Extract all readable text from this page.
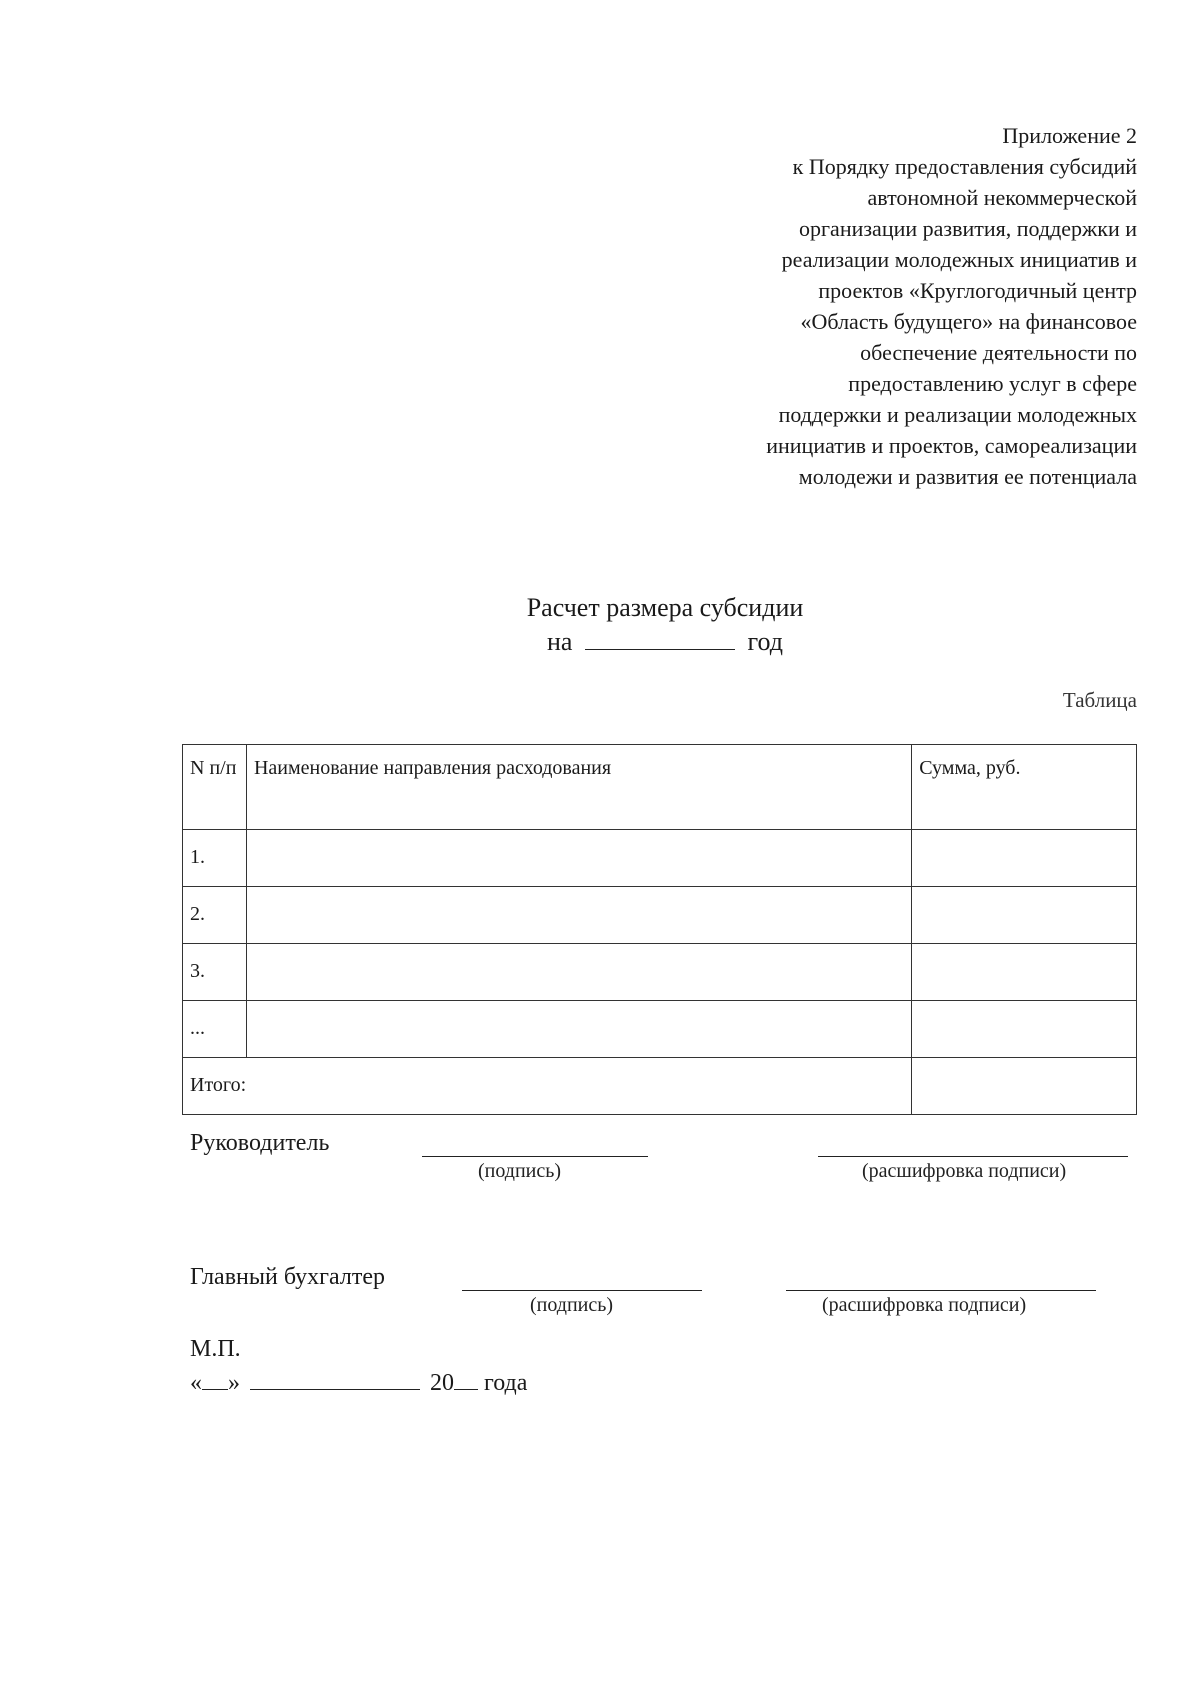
Приложение 2
к Порядку предоставления субсидий
автономной некоммерческой
организации развития, поддержки и
реализации молодежных инициатив и
проектов «Круглогодичный центр
«Область будущего» на финансовое
обеспечение деятельности по
предоставлению услуг в сфере
поддержки и реализации молодежных
инициатив и проектов, самореализации
молодежи и развития ее потенциала
Расчет размера субсидии
на	год
Таблица
N п/п	Наименование направления расходования	Сумма, руб.
1.		
2.		
3.		
...		
Итого:		
Руководитель
(подпись)	(расшифровка подписи)
Главный бухгалтер
(подпись)	(расшифровка подписи)
М.П.
« »	20 года
